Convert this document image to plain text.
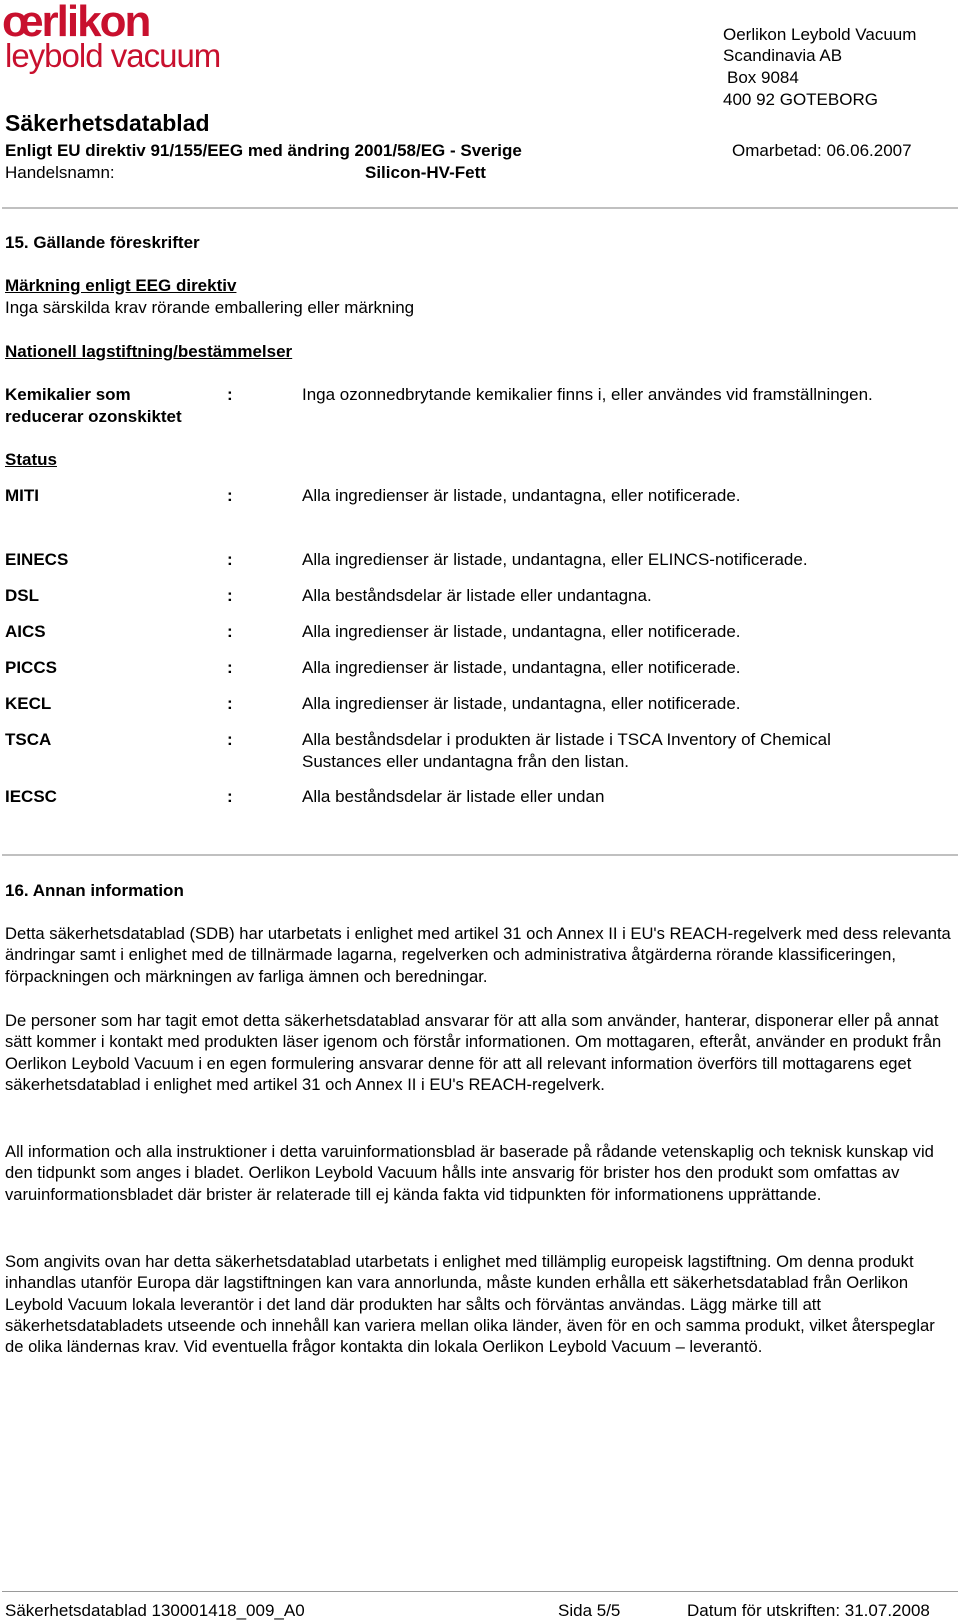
œrlikon
leybold vacuum
Oerlikon Leybold Vacuum
Scandinavia AB
Box 9084
400 92 GOTEBORG
Säkerhetsdatablad
Enligt EU direktiv 91/155/EEG med ändring 2001/58/EG - Sverige	Omarbetad: 06.06.2007
Handelsnamn:	Silicon-HV-Fett
15. Gällande föreskrifter
Märkning enligt EEG direktiv
Inga särskilda krav rörande emballering eller märkning
Nationell lagstiftning/bestämmelser
Kemikalier som
reducerar ozonskiktet
:	Inga ozonnedbrytande kemikalier finns i, eller användes vid framställningen.
Status
MITI	:	Alla ingredienser är listade, undantagna, eller notificerade.
EINECS	:	Alla ingredienser är listade, undantagna, eller ELINCS-notificerade.
DSL	:	Alla beståndsdelar är listade eller undantagna.
AICS	:	Alla ingredienser är listade, undantagna, eller notificerade.
PICCS	:	Alla ingredienser är listade, undantagna, eller notificerade.
KECL	:	Alla ingredienser är listade, undantagna, eller notificerade.
TSCA	:	Alla beståndsdelar i produkten är listade i TSCA Inventory of Chemical
Sustances eller undantagna från den listan.
IECSC	:	Alla beståndsdelar är listade eller undan
16. Annan information
Detta säkerhetsdatablad (SDB) har utarbetats i enlighet med artikel 31 och Annex II i EU's REACH-regelverk med dess relevanta ändringar samt i enlighet med de tillnärmade lagarna, regelverken och administrativa åtgärderna rörande klassificeringen, förpackningen och märkningen av farliga ämnen och beredningar.
De personer som har tagit emot detta säkerhetsdatablad ansvarar för att alla som använder, hanterar, disponerar eller på annat sätt kommer i kontakt med produkten läser igenom och förstår informationen. Om mottagaren, efteråt, använder en produkt från Oerlikon Leybold Vacuum i en egen formulering ansvarar denne för att all relevant information överförs till mottagarens eget säkerhetsdatablad i enlighet med artikel 31 och Annex II i EU's REACH-regelverk.
All information och alla instruktioner i detta varuinformationsblad är baserade på rådande vetenskaplig och teknisk kunskap vid den tidpunkt som anges i bladet. Oerlikon Leybold Vacuum hålls inte ansvarig för brister hos den produkt som omfattas av varuinformationsbladet där brister är relaterade till ej kända fakta vid tidpunkten för informationens upprättande.
Som angivits ovan har detta säkerhetsdatablad utarbetats i enlighet med tillämplig europeisk lagstiftning. Om denna produkt inhandlas utanför Europa där lagstiftningen kan vara annorlunda, måste kunden erhålla ett säkerhetsdatablad från Oerlikon Leybold Vacuum lokala leverantör i det land där produkten har sålts och förväntas användas. Lägg märke till att säkerhetsdatabladets utseende och innehåll kan variera mellan olika länder, även för en och samma produkt, vilket återspeglar de olika ländernas krav. Vid eventuella frågor kontakta din lokala Oerlikon Leybold Vacuum – leverantö.
Säkerhetsdatablad 130001418_009_A0	Sida 5/5	Datum för utskriften: 31.07.2008
